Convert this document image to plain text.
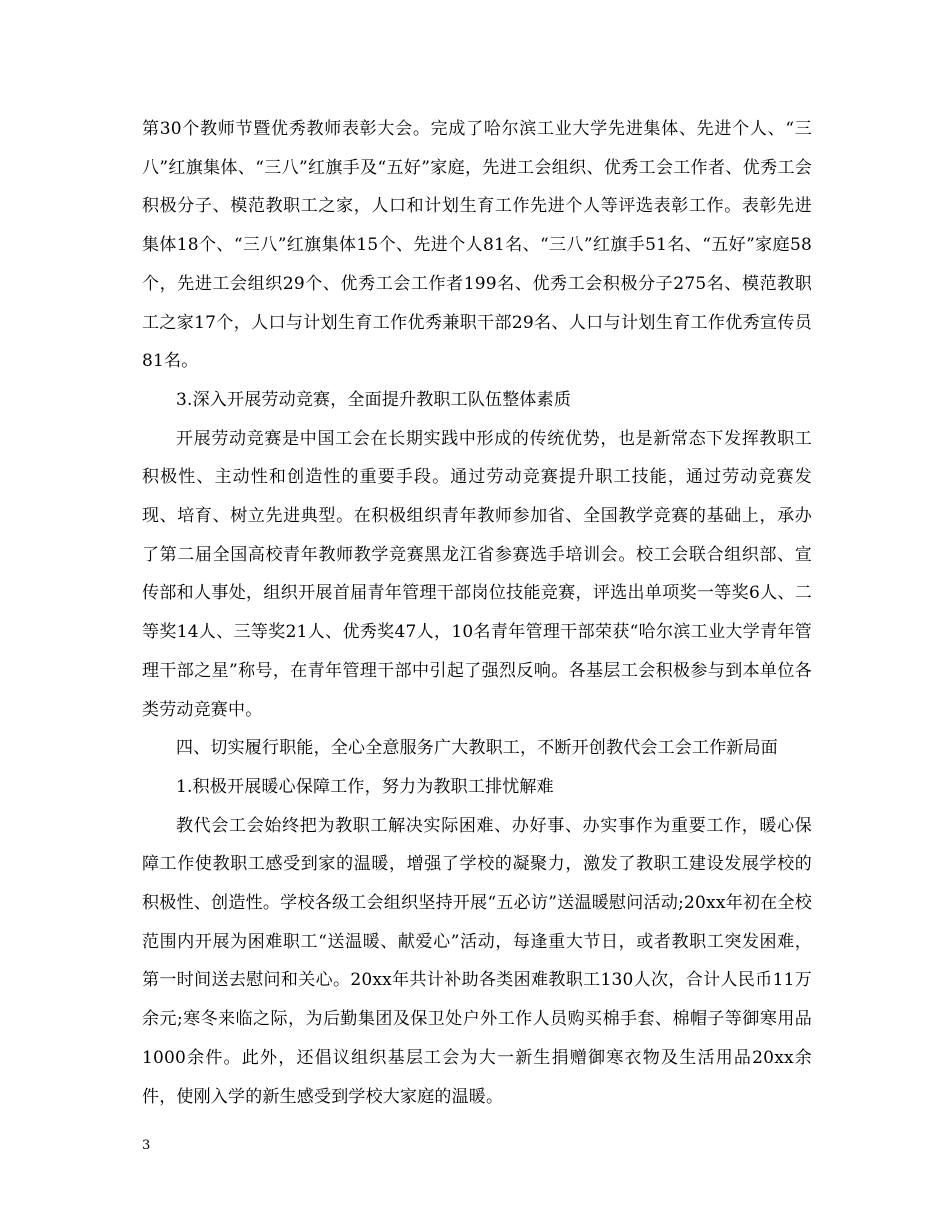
第30个教师节暨优秀教师表彰大会。完成了哈尔滨工业大学先进集体、先进个人、“三八”红旗集体、“三八”红旗手及“五好”家庭，先进工会组织、优秀工会工作者、优秀工会积极分子、模范教职工之家，人口和计划生育工作先进个人等评选表彰工作。表彰先进集体18个、“三八”红旗集体15个、先进个人81名、“三八”红旗手51名、“五好”家庭58个，先进工会组织29个、优秀工会工作者199名、优秀工会积极分子275名、模范教职工之家17个，人口与计划生育工作优秀兼职干部29名、人口与计划生育工作优秀宣传员81名。

3.深入开展劳动竞赛，全面提升教职工队伍整体素质

开展劳动竞赛是中国工会在长期实践中形成的传统优势，也是新常态下发挥教职工积极性、主动性和创造性的重要手段。通过劳动竞赛提升职工技能，通过劳动竞赛发现、培育、树立先进典型。在积极组织青年教师参加省、全国教学竞赛的基础上，承办了第二届全国高校青年教师教学竞赛黑龙江省参赛选手培训会。校工会联合组织部、宣传部和人事处，组织开展首届青年管理干部岗位技能竞赛，评选出单项奖一等奖6人、二等奖14人、三等奖21人、优秀奖47人，10名青年管理干部荣获“哈尔滨工业大学青年管理干部之星”称号，在青年管理干部中引起了强烈反响。各基层工会积极参与到本单位各类劳动竞赛中。

四、切实履行职能，全心全意服务广大教职工，不断开创教代会工会工作新局面

1.积极开展暖心保障工作，努力为教职工排忧解难

教代会工会始终把为教职工解决实际困难、办好事、办实事作为重要工作，暖心保障工作使教职工感受到家的温暖，增强了学校的凝聚力，激发了教职工建设发展学校的积极性、创造性。学校各级工会组织坚持开展“五必访”送温暖慰问活动;20xx年初在全校范围内开展为困难职工“送温暖、献爱心”活动，每逢重大节日，或者教职工突发困难，第一时间送去慰问和关心。20xx年共计补助各类困难教职工130人次，合计人民币11万余元;寒冬来临之际，为后勤集团及保卫处户外工作人员购买棉手套、棉帽子等御寒用品1000余件。此外，还倡议组织基层工会为大一新生捐赠御寒衣物及生活用品20xx余件，使刚入学的新生感受到学校大家庭的温暖。

3
